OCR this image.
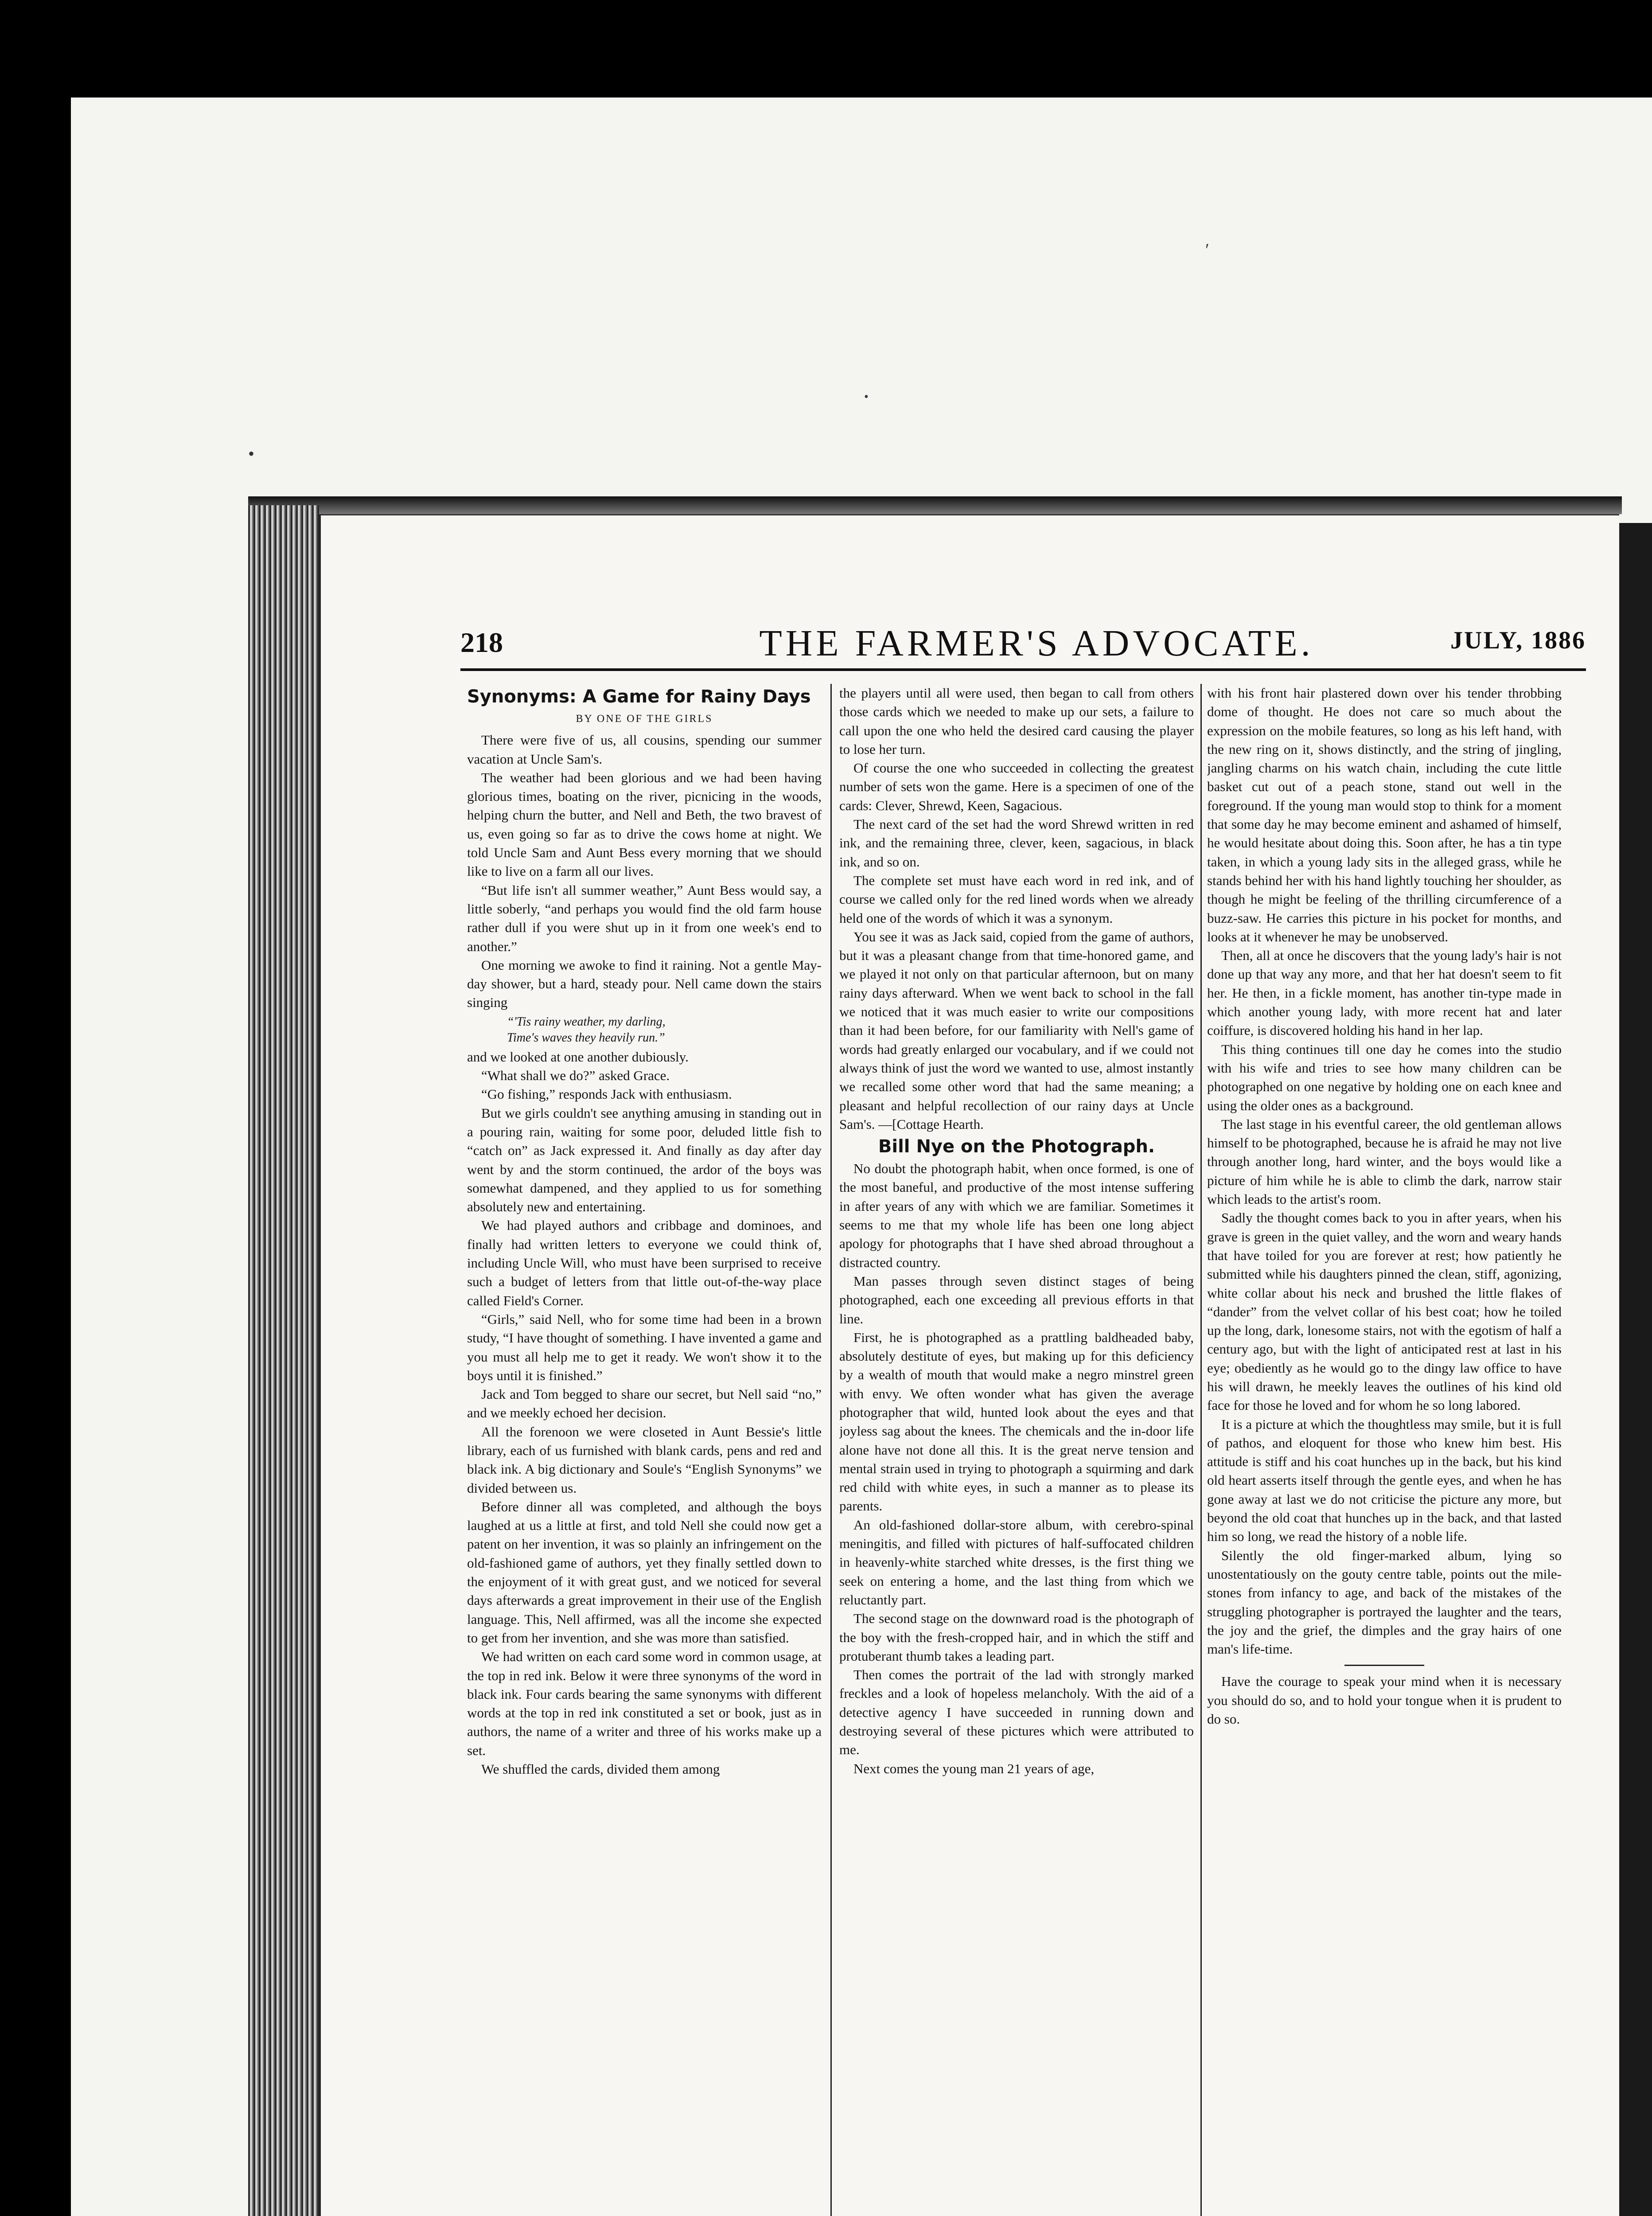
•
′
•
218	THE FARMER'S ADVOCATE.	JULY, 1886
Synonyms: A Game for Rainy Days
BY ONE OF THE GIRLS

There were five of us, all cousins, spending our summer vacation at Uncle Sam's.

The weather had been glorious and we had been having glorious times, boating on the river, picnicing in the woods, helping churn the butter, and Nell and Beth, the two bravest of us, even going so far as to drive the cows home at night. We told Uncle Sam and Aunt Bess every morning that we should like to live on a farm all our lives.

“But life isn't all summer weather,” Aunt Bess would say, a little soberly, “and perhaps you would find the old farm house rather dull if you were shut up in it from one week's end to another.”

One morning we awoke to find it raining. Not a gentle May-day shower, but a hard, steady pour. Nell came down the stairs singing

“'Tis rainy weather, my darling,
Time's waves they heavily run.”

and we looked at one another dubiously.

“What shall we do?” asked Grace.

“Go fishing,” responds Jack with enthusiasm.

But we girls couldn't see anything amusing in standing out in a pouring rain, waiting for some poor, deluded little fish to “catch on” as Jack expressed it. And finally as day after day went by and the storm continued, the ardor of the boys was somewhat dampened, and they applied to us for something absolutely new and entertaining.

We had played authors and cribbage and dominoes, and finally had written letters to everyone we could think of, including Uncle Will, who must have been surprised to receive such a budget of letters from that little out-of-the-way place called Field's Corner.

“Girls,” said Nell, who for some time had been in a brown study, “I have thought of something. I have invented a game and you must all help me to get it ready. We won't show it to the boys until it is finished.”

Jack and Tom begged to share our secret, but Nell said “no,” and we meekly echoed her decision.

All the forenoon we were closeted in Aunt Bessie's little library, each of us furnished with blank cards, pens and red and black ink. A big dictionary and Soule's “English Synonyms” we divided between us.

Before dinner all was completed, and although the boys laughed at us a little at first, and told Nell she could now get a patent on her invention, it was so plainly an infringement on the old-fashioned game of authors, yet they finally settled down to the enjoyment of it with great gust, and we noticed for several days afterwards a great improvement in their use of the English language. This, Nell affirmed, was all the income she expected to get from her invention, and she was more than satisfied.

We had written on each card some word in common usage, at the top in red ink. Below it were three synonyms of the word in black ink. Four cards bearing the same synonyms with different words at the top in red ink constituted a set or book, just as in authors, the name of a writer and three of his works make up a set.

We shuffled the cards, divided them among

the players until all were used, then began to call from others those cards which we needed to make up our sets, a failure to call upon the one who held the desired card causing the player to lose her turn.

Of course the one who succeeded in collecting the greatest number of sets won the game. Here is a specimen of one of the cards: Clever, Shrewd, Keen, Sagacious.

The next card of the set had the word Shrewd written in red ink, and the remaining three, clever, keen, sagacious, in black ink, and so on.

The complete set must have each word in red ink, and of course we called only for the red lined words when we already held one of the words of which it was a synonym.

You see it was as Jack said, copied from the game of authors, but it was a pleasant change from that time-honored game, and we played it not only on that particular afternoon, but on many rainy days afterward. When we went back to school in the fall we noticed that it was much easier to write our compositions than it had been before, for our familiarity with Nell's game of words had greatly enlarged our vocabulary, and if we could not always think of just the word we wanted to use, almost instantly we recalled some other word that had the same meaning; a pleasant and helpful recollection of our rainy days at Uncle Sam's. —[Cottage Hearth.

Bill Nye on the Photograph.

No doubt the photograph habit, when once formed, is one of the most baneful, and productive of the most intense suffering in after years of any with which we are familiar. Sometimes it seems to me that my whole life has been one long abject apology for photographs that I have shed abroad throughout a distracted country.

Man passes through seven distinct stages of being photographed, each one exceeding all previous efforts in that line.

First, he is photographed as a prattling baldheaded baby, absolutely destitute of eyes, but making up for this deficiency by a wealth of mouth that would make a negro minstrel green with envy. We often wonder what has given the average photographer that wild, hunted look about the eyes and that joyless sag about the knees. The chemicals and the in-door life alone have not done all this. It is the great nerve tension and mental strain used in trying to photograph a squirming and dark red child with white eyes, in such a manner as to please its parents.

An old-fashioned dollar-store album, with cerebro-spinal meningitis, and filled with pictures of half-suffocated children in heavenly-white starched white dresses, is the first thing we seek on entering a home, and the last thing from which we reluctantly part.

The second stage on the downward road is the photograph of the boy with the fresh-cropped hair, and in which the stiff and protuberant thumb takes a leading part.

Then comes the portrait of the lad with strongly marked freckles and a look of hopeless melancholy. With the aid of a detective agency I have succeeded in running down and destroying several of these pictures which were attributed to me.

Next comes the young man 21 years of age,

with his front hair plastered down over his tender throbbing dome of thought. He does not care so much about the expression on the mobile features, so long as his left hand, with the new ring on it, shows distinctly, and the string of jingling, jangling charms on his watch chain, including the cute little basket cut out of a peach stone, stand out well in the foreground. If the young man would stop to think for a moment that some day he may become eminent and ashamed of himself, he would hesitate about doing this. Soon after, he has a tin type taken, in which a young lady sits in the alleged grass, while he stands behind her with his hand lightly touching her shoulder, as though he might be feeling of the thrilling circumference of a buzz-saw. He carries this picture in his pocket for months, and looks at it whenever he may be unobserved.

Then, all at once he discovers that the young lady's hair is not done up that way any more, and that her hat doesn't seem to fit her. He then, in a fickle moment, has another tin-type made in which another young lady, with more recent hat and later coiffure, is discovered holding his hand in her lap.

This thing continues till one day he comes into the studio with his wife and tries to see how many children can be photographed on one negative by holding one on each knee and using the older ones as a background.

The last stage in his eventful career, the old gentleman allows himself to be photographed, because he is afraid he may not live through another long, hard winter, and the boys would like a picture of him while he is able to climb the dark, narrow stair which leads to the artist's room.

Sadly the thought comes back to you in after years, when his grave is green in the quiet valley, and the worn and weary hands that have toiled for you are forever at rest; how patiently he submitted while his daughters pinned the clean, stiff, agonizing, white collar about his neck and brushed the little flakes of “dander” from the velvet collar of his best coat; how he toiled up the long, dark, lonesome stairs, not with the egotism of half a century ago, but with the light of anticipated rest at last in his eye; obediently as he would go to the dingy law office to have his will drawn, he meekly leaves the outlines of his kind old face for those he loved and for whom he so long labored.

It is a picture at which the thoughtless may smile, but it is full of pathos, and eloquent for those who knew him best. His attitude is stiff and his coat hunches up in the back, but his kind old heart asserts itself through the gentle eyes, and when he has gone away at last we do not criticise the picture any more, but beyond the old coat that hunches up in the back, and that lasted him so long, we read the history of a noble life.

Silently the old finger-marked album, lying so unostentatiously on the gouty centre table, points out the mile-stones from infancy to age, and back of the mistakes of the struggling photographer is portrayed the laughter and the tears, the joy and the grief, the dimples and the gray hairs of one man's life-time.

Have the courage to speak your mind when it is necessary you should do so, and to hold your tongue when it is prudent to do so.
